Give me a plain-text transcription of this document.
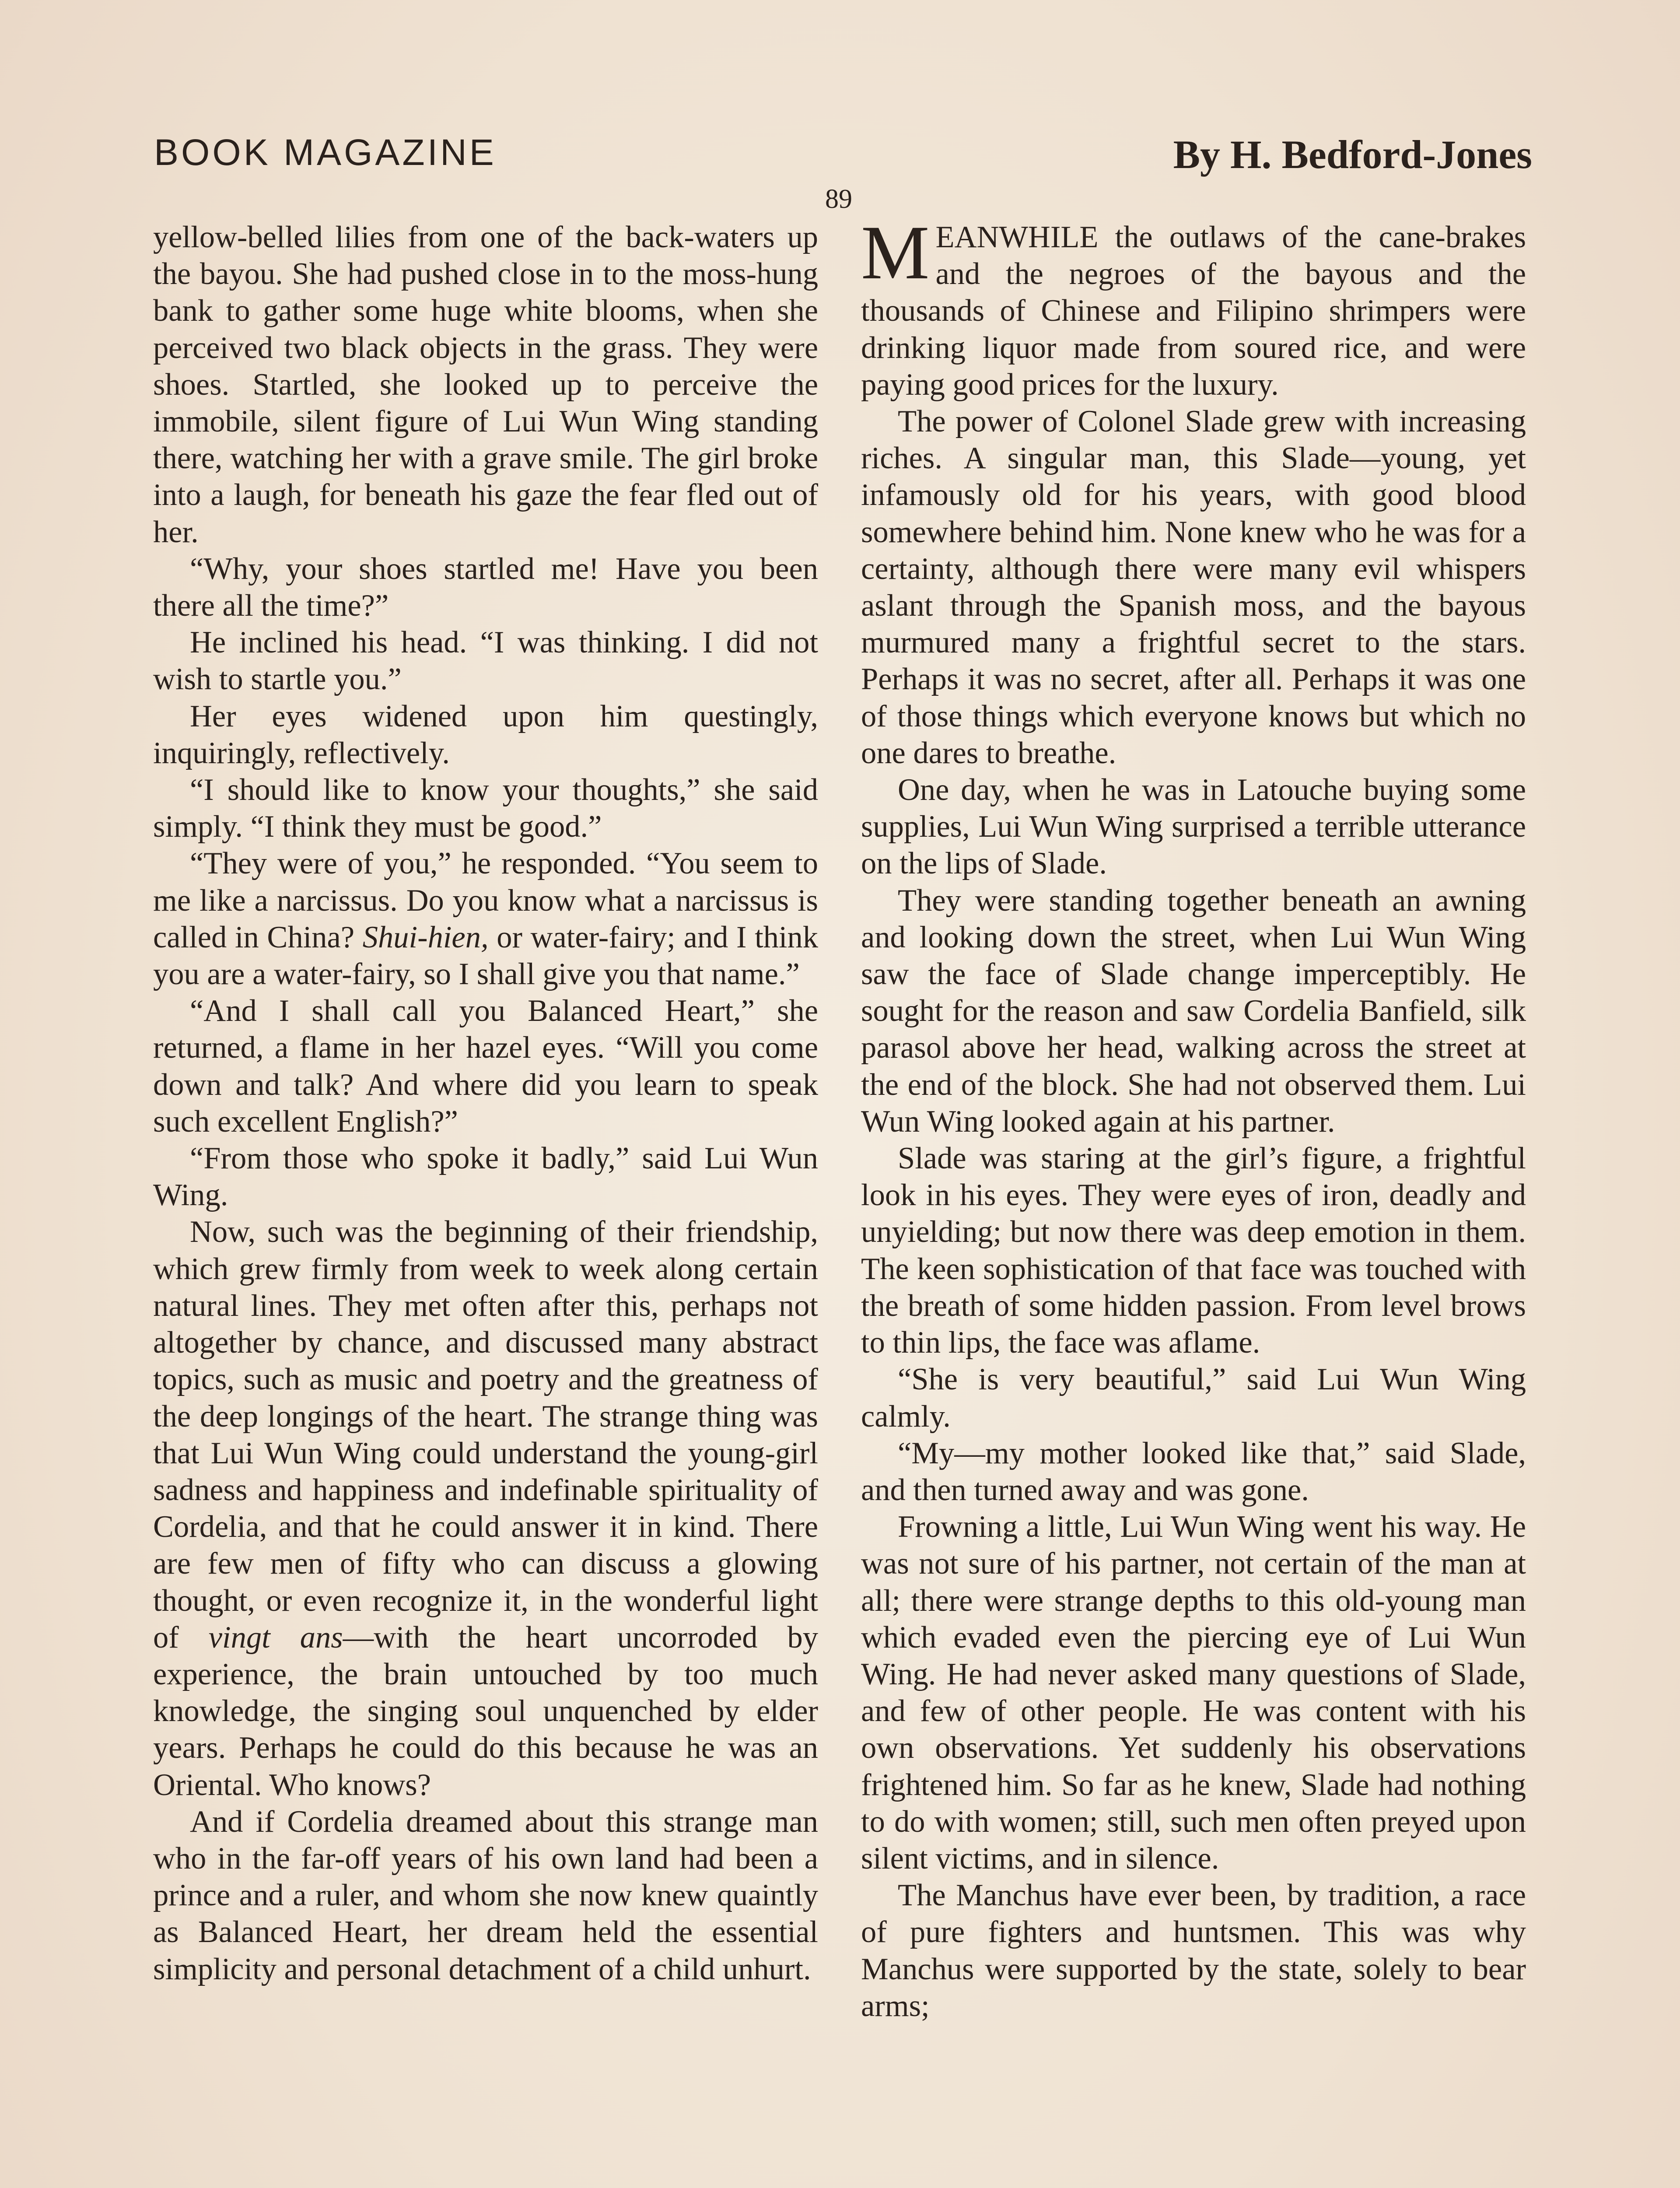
BOOK MAGAZINE	By H. Bedford-Jones
89

yellow-belled lilies from one of the back-waters up the bayou. She had pushed close in to the moss-hung bank to gather some huge white blooms, when she perceived two black objects in the grass. They were shoes. Startled, she looked up to perceive the immobile, silent figure of Lui Wun Wing standing there, watching her with a grave smile. The girl broke into a laugh, for beneath his gaze the fear fled out of her.

“Why, your shoes startled me! Have you been there all the time?”

He inclined his head. “I was thinking. I did not wish to startle you.”

Her eyes widened upon him questingly, inquiringly, reflectively.

“I should like to know your thoughts,” she said simply. “I think they must be good.”

“They were of you,” he responded. “You seem to me like a narcissus. Do you know what a narcissus is called in China? Shui-hien, or water-fairy; and I think you are a water-fairy, so I shall give you that name.”

“And I shall call you Balanced Heart,” she returned, a flame in her hazel eyes. “Will you come down and talk? And where did you learn to speak such excellent English?”

“From those who spoke it badly,” said Lui Wun Wing.

Now, such was the beginning of their friendship, which grew firmly from week to week along certain natural lines. They met often after this, perhaps not altogether by chance, and discussed many abstract topics, such as music and poetry and the greatness of the deep longings of the heart. The strange thing was that Lui Wun Wing could understand the young-girl sadness and happiness and indefinable spirituality of Cordelia, and that he could answer it in kind. There are few men of fifty who can discuss a glowing thought, or even recognize it, in the wonderful light of vingt ans—with the heart uncorroded by experience, the brain untouched by too much knowledge, the singing soul unquenched by elder years. Perhaps he could do this because he was an Oriental. Who knows?

And if Cordelia dreamed about this strange man who in the far-off years of his own land had been a prince and a ruler, and whom she now knew quaintly as Balanced Heart, her dream held the essential simplicity and personal detachment of a child unhurt.

MEANWHILE the outlaws of the cane-brakes and the negroes of the bayous and the thousands of Chinese and Filipino shrimpers were drinking liquor made from soured rice, and were paying good prices for the luxury.

The power of Colonel Slade grew with increasing riches. A singular man, this Slade—young, yet infamously old for his years, with good blood somewhere behind him. None knew who he was for a certainty, although there were many evil whispers aslant through the Spanish moss, and the bayous murmured many a frightful secret to the stars. Perhaps it was no secret, after all. Perhaps it was one of those things which everyone knows but which no one dares to breathe.

One day, when he was in Latouche buying some supplies, Lui Wun Wing surprised a terrible utterance on the lips of Slade.

They were standing together beneath an awning and looking down the street, when Lui Wun Wing saw the face of Slade change imperceptibly. He sought for the reason and saw Cordelia Banfield, silk parasol above her head, walking across the street at the end of the block. She had not observed them. Lui Wun Wing looked again at his partner.

Slade was staring at the girl’s figure, a frightful look in his eyes. They were eyes of iron, deadly and unyielding; but now there was deep emotion in them. The keen sophistication of that face was touched with the breath of some hidden passion. From level brows to thin lips, the face was aflame.

“She is very beautiful,” said Lui Wun Wing calmly.

“My—my mother looked like that,” said Slade, and then turned away and was gone.

Frowning a little, Lui Wun Wing went his way. He was not sure of his partner, not certain of the man at all; there were strange depths to this old-young man which evaded even the piercing eye of Lui Wun Wing. He had never asked many questions of Slade, and few of other people. He was content with his own observations. Yet suddenly his observations frightened him. So far as he knew, Slade had nothing to do with women; still, such men often preyed upon silent victims, and in silence.

The Manchus have ever been, by tradition, a race of pure fighters and huntsmen. This was why Manchus were supported by the state, solely to bear arms;
